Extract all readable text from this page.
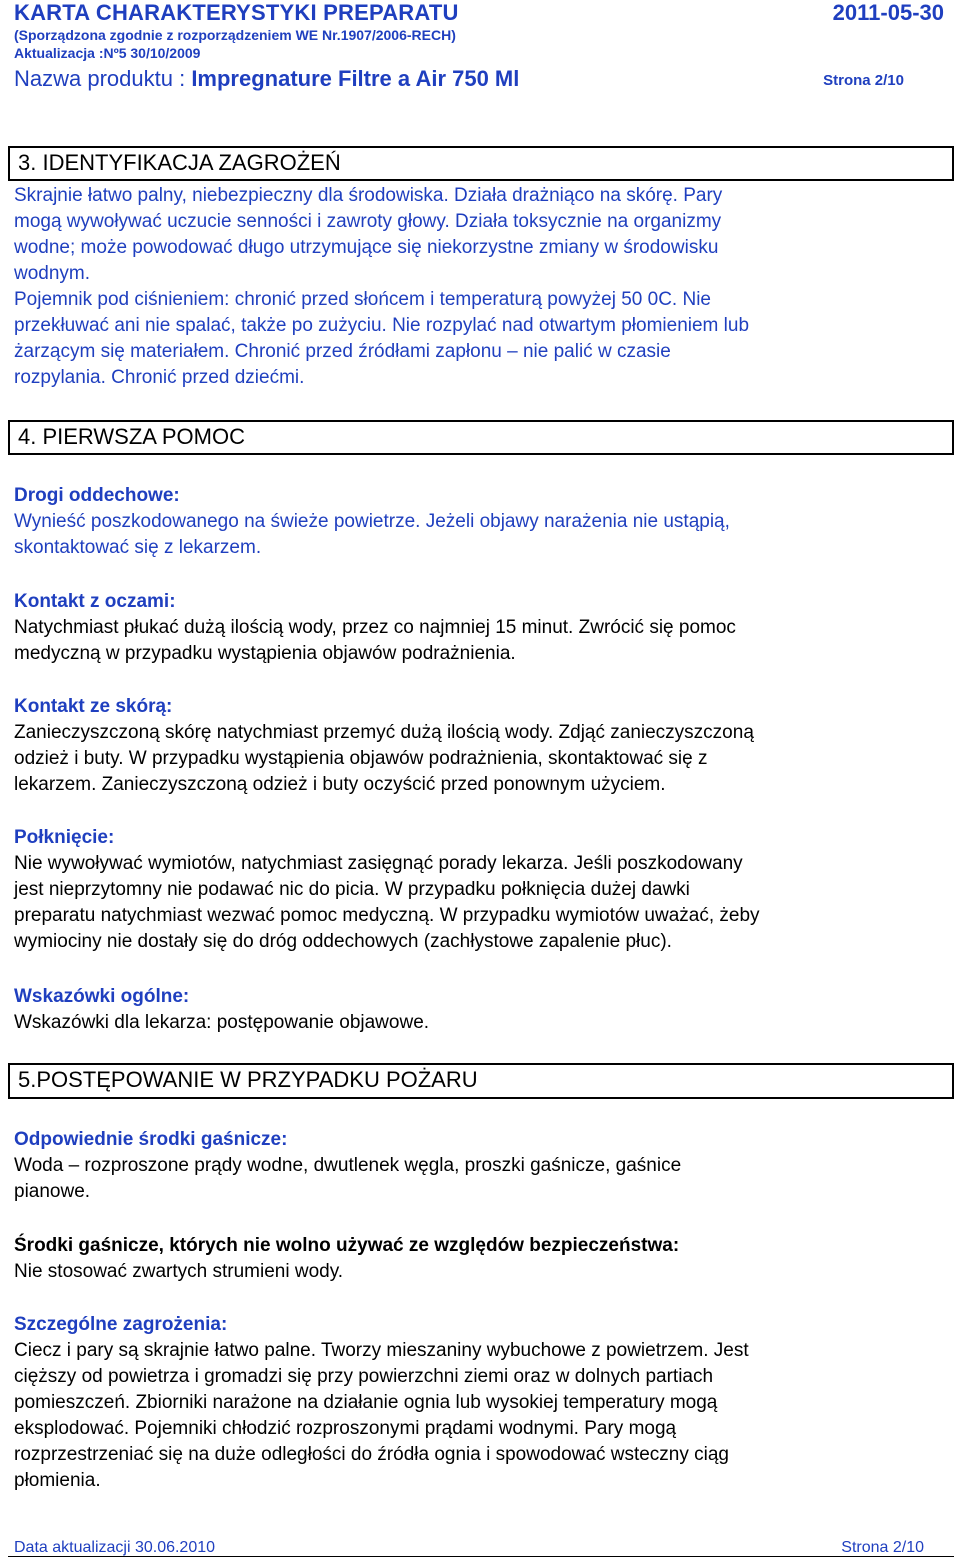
KARTA CHARAKTERYSTYKI PREPARATU	2011-05-30
(Sporządzona zgodnie z rozporządzeniem WE Nr.1907/2006-RECH)
Aktualizacja :Nº5 30/10/2009
Nazwa produktu : Impregnature Filtre a Air 750 Ml	Strona 2/10
3. IDENTYFIKACJA ZAGROŻEŃ
Skrajnie łatwo palny, niebezpieczny dla środowiska. Działa drażniąco na skórę. Pary
mogą wywoływać uczucie senności i zawroty głowy. Działa toksycznie na organizmy
wodne; może powodować długo utrzymujące się niekorzystne zmiany w środowisku
wodnym.
Pojemnik pod ciśnieniem: chronić przed słońcem i temperaturą powyżej 50 0C. Nie
przekłuwać ani nie spalać, także po zużyciu. Nie rozpylać nad otwartym płomieniem lub
żarzącym się materiałem. Chronić przed źródłami zapłonu – nie palić w czasie
rozpylania. Chronić przed dziećmi.
4. PIERWSZA POMOC
Drogi oddechowe:
Wynieść poszkodowanego na świeże powietrze. Jeżeli objawy narażenia nie ustąpią,
skontaktować się z lekarzem.
Kontakt z oczami:
Natychmiast płukać dużą ilością wody, przez co najmniej 15 minut. Zwrócić się pomoc
medyczną w przypadku wystąpienia objawów podrażnienia.
Kontakt ze skórą:
Zanieczyszczoną skórę natychmiast przemyć dużą ilością wody. Zdjąć zanieczyszczoną
odzież i buty. W przypadku wystąpienia objawów podrażnienia, skontaktować się z
lekarzem. Zanieczyszczoną odzież i buty oczyścić przed ponownym użyciem.
Połknięcie:
Nie wywoływać wymiotów, natychmiast zasięgnąć porady lekarza. Jeśli poszkodowany
jest nieprzytomny nie podawać nic do picia. W przypadku połknięcia dużej dawki
preparatu natychmiast wezwać pomoc medyczną. W przypadku wymiotów uważać, żeby
wymiociny nie dostały się do dróg oddechowych (zachłystowe zapalenie płuc).
Wskazówki ogólne:
Wskazówki dla lekarza: postępowanie objawowe.
5.POSTĘPOWANIE W PRZYPADKU POŻARU
Odpowiednie środki gaśnicze:
Woda – rozproszone prądy wodne, dwutlenek węgla, proszki gaśnicze, gaśnice
pianowe.
Środki gaśnicze, których nie wolno używać ze względów bezpieczeństwa:
Nie stosować zwartych strumieni wody.
Szczególne zagrożenia:
Ciecz i pary są skrajnie łatwo palne. Tworzy mieszaniny wybuchowe z powietrzem. Jest
cięższy od powietrza i gromadzi się przy powierzchni ziemi oraz w dolnych partiach
pomieszczeń. Zbiorniki narażone na działanie ognia lub wysokiej temperatury mogą
eksplodować. Pojemniki chłodzić rozproszonymi prądami wodnymi. Pary mogą
rozprzestrzeniać się na duże odległości do źródła ognia i spowodować wsteczny ciąg
płomienia.
Data aktualizacji 30.06.2010	Strona 2/10
